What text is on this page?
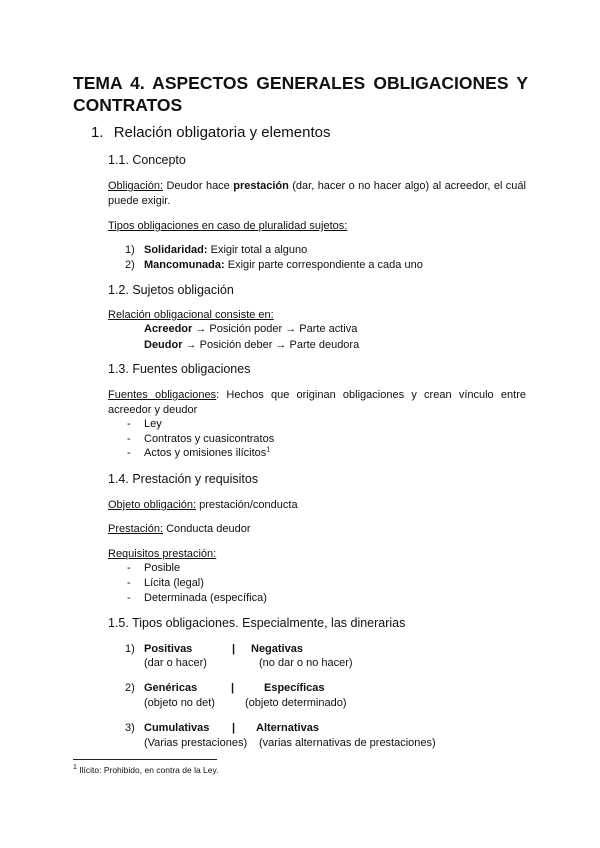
TEMA 4. ASPECTOS GENERALES OBLIGACIONES Y
CONTRATOS
1. Relación obligatoria y elementos
1.1. Concepto
Obligación: Deudor hace prestación (dar, hacer o no hacer algo) al acreedor, el cuál
puede exigir.
Tipos obligaciones en caso de pluralidad sujetos:
1) Solidaridad: Exigir total a alguno
2) Mancomunada: Exigir parte correspondiente a cada uno
1.2. Sujetos obligación
Relación obligacional consiste en:
Acreedor → Posición poder → Parte activa
Deudor → Posición deber → Parte deudora
1.3. Fuentes obligaciones
Fuentes obligaciones: Hechos que originan obligaciones y crean vínculo entre
acreedor y deudor
- Ley
- Contratos y cuasicontratos
- Actos y omisiones ilícitos$^1$
1.4. Prestación y requisitos
Objeto obligación: prestación/conducta
Prestación: Conducta deudor
Requisitos prestación:
- Posible
- Lícita (legal)
- Determinada (específica)
1.5. Tipos obligaciones. Especialmente, las dinerarias
1) Positivas	| Negativas
(dar o hacer)	(no dar o no hacer)
2) Genéricas	|	Específicas
(objeto no det)	(objeto determinado)
3) Cumulativas | Alternativas
(Varias prestaciones) (varias alternativas de prestaciones)
$^1$ Ilícito: Prohibido, en contra de la Ley.
